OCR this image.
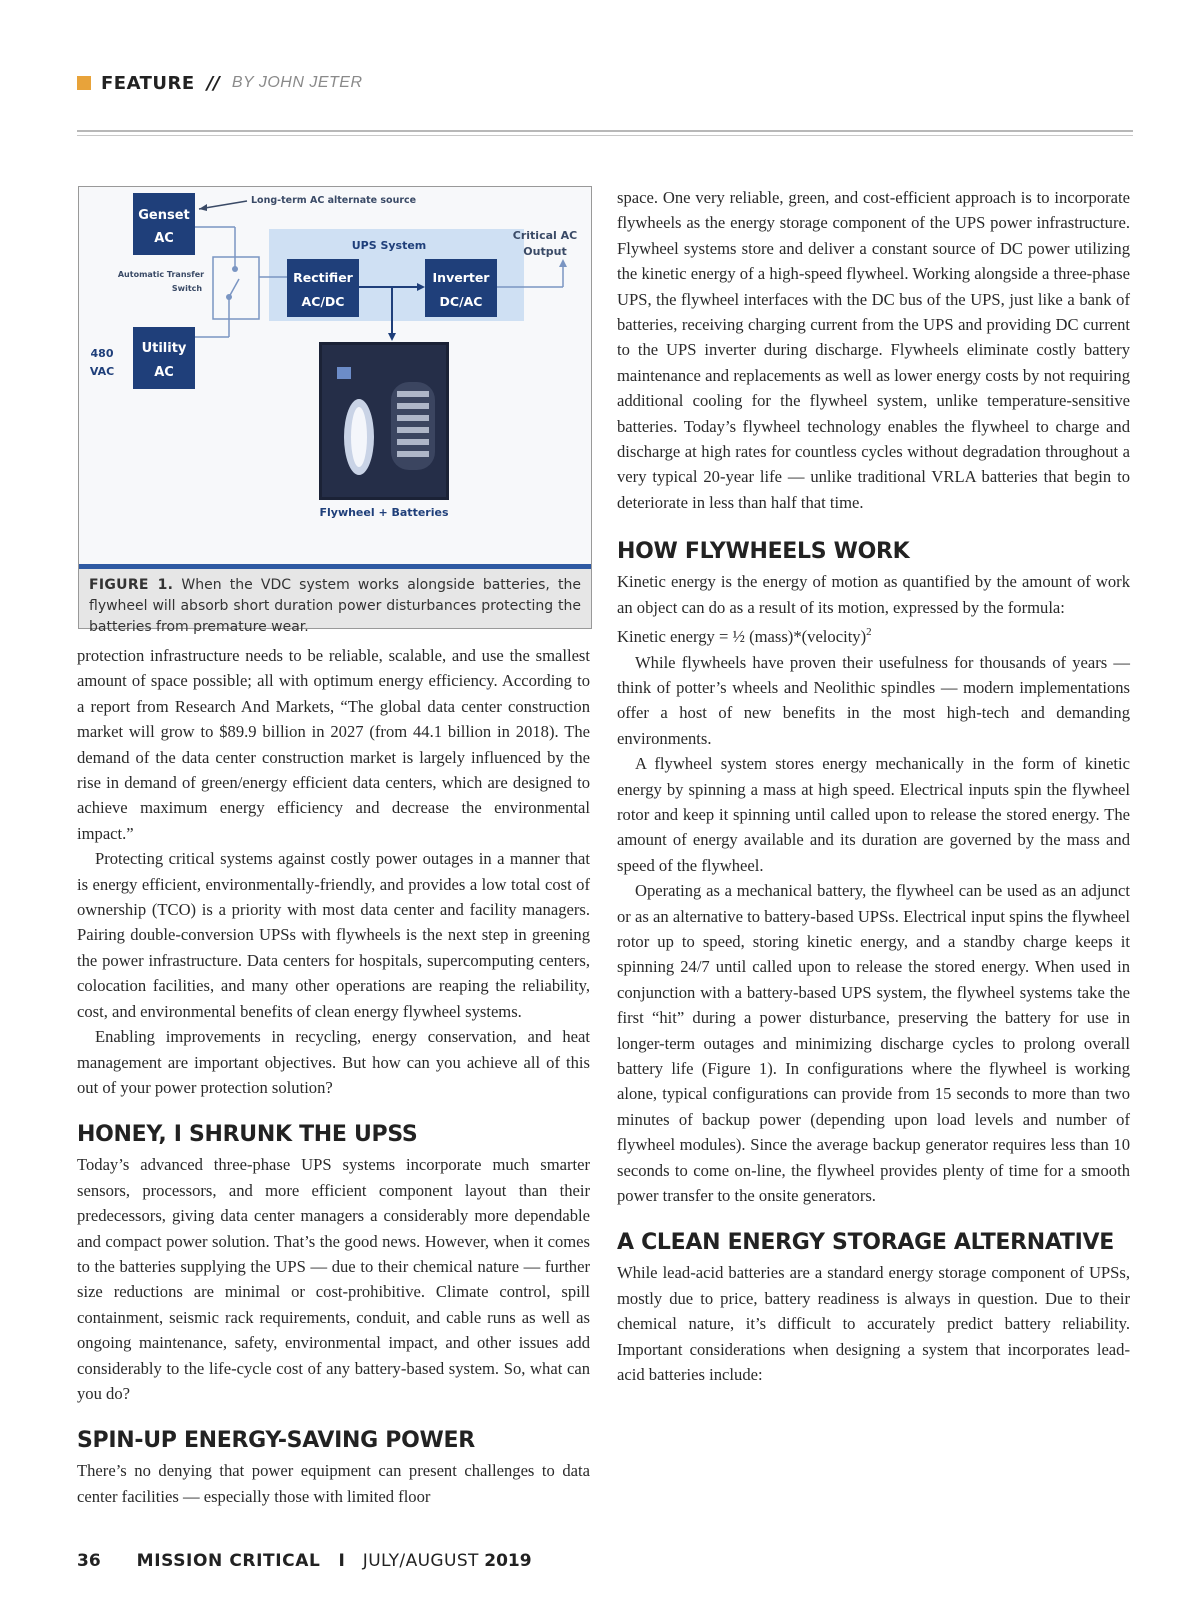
FEATURE // BY JOHN JETER
Genset
AC
Utility
AC
480
VAC
Automatic Transfer
Switch
Long-term AC alternate source
UPS System
Rectifier
AC/DC
Inverter
DC/AC
Critical AC
Output
Flywheel + Batteries
FIGURE 1. When the VDC system works alongside batteries, the flywheel will absorb short duration power disturbances protecting the batteries from premature wear.

protection infrastructure needs to be reliable, scalable, and use the smallest amount of space possible; all with optimum energy efficiency. According to a report from Research And Markets, “The global data center construction market will grow to $89.9 billion in 2027 (from 44.1 billion in 2018). The demand of the data center construction market is largely influenced by the rise in demand of green/energy efficient data centers, which are designed to achieve maximum energy efficiency and decrease the environmental impact.”

Protecting critical systems against costly power outages in a manner that is energy efficient, environmentally-friendly, and provides a low total cost of ownership (TCO) is a priority with most data center and facility managers. Pairing double-conversion UPSs with flywheels is the next step in greening the power infrastructure. Data centers for hospitals, supercomputing centers, colocation facilities, and many other operations are reaping the reliability, cost, and environmental benefits of clean energy flywheel systems.

Enabling improvements in recycling, energy conservation, and heat management are important objectives. But how can you achieve all of this out of your power protection solution?

HONEY, I SHRUNK THE UPSS

Today’s advanced three-phase UPS systems incorporate much smarter sensors, processors, and more efficient component layout than their predecessors, giving data center managers a considerably more dependable and compact power solution. That’s the good news. However, when it comes to the batteries supplying the UPS — due to their chemical nature — further size reductions are minimal or cost-prohibitive. Climate control, spill containment, seismic rack requirements, conduit, and cable runs as well as ongoing maintenance, safety, environmental impact, and other issues add considerably to the life-cycle cost of any battery-based system. So, what can you do?

SPIN-UP ENERGY-SAVING POWER

There’s no denying that power equipment can present challenges to data center facilities — especially those with limited floor

space. One very reliable, green, and cost-efficient approach is to incorporate flywheels as the energy storage component of the UPS power infrastructure. Flywheel systems store and deliver a constant source of DC power utilizing the kinetic energy of a high-speed flywheel. Working alongside a three-phase UPS, the flywheel interfaces with the DC bus of the UPS, just like a bank of batteries, receiving charging current from the UPS and providing DC current to the UPS inverter during discharge. Flywheels eliminate costly battery maintenance and replacements as well as lower energy costs by not requiring additional cooling for the flywheel system, unlike temperature-sensitive batteries. Today’s flywheel technology enables the flywheel to charge and discharge at high rates for countless cycles without degradation throughout a very typical 20-year life — unlike traditional VRLA batteries that begin to deteriorate in less than half that time.

HOW FLYWHEELS WORK

Kinetic energy is the energy of motion as quantified by the amount of work an object can do as a result of its motion, expressed by the formula:

Kinetic energy = ½ (mass)*(velocity)$^2$

While flywheels have proven their usefulness for thousands of years — think of potter’s wheels and Neolithic spindles — modern implementations offer a host of new benefits in the most high-tech and demanding environments.

A flywheel system stores energy mechanically in the form of kinetic energy by spinning a mass at high speed. Electrical inputs spin the flywheel rotor and keep it spinning until called upon to release the stored energy. The amount of energy available and its duration are governed by the mass and speed of the flywheel.

Operating as a mechanical battery, the flywheel can be used as an adjunct or as an alternative to battery-based UPSs. Electrical input spins the flywheel rotor up to speed, storing kinetic energy, and a standby charge keeps it spinning 24/7 until called upon to release the stored energy. When used in conjunction with a battery-based UPS system, the flywheel systems take the first “hit” during a power disturbance, preserving the battery for use in longer-term outages and minimizing discharge cycles to prolong overall battery life (Figure 1). In configurations where the flywheel is working alone, typical configurations can provide from 15 seconds to more than two minutes of backup power (depending upon load levels and number of flywheel modules). Since the average backup generator requires less than 10 seconds to come on-line, the flywheel provides plenty of time for a smooth power transfer to the onsite generators.

A CLEAN ENERGY STORAGE ALTERNATIVE

While lead-acid batteries are a standard energy storage component of UPSs, mostly due to price, battery readiness is always in question. Due to their chemical nature, it’s difficult to accurately predict battery reliability. Important considerations when designing a system that incorporates lead-acid batteries include:

36 MISSION CRITICAL I JULY/AUGUST
2019
